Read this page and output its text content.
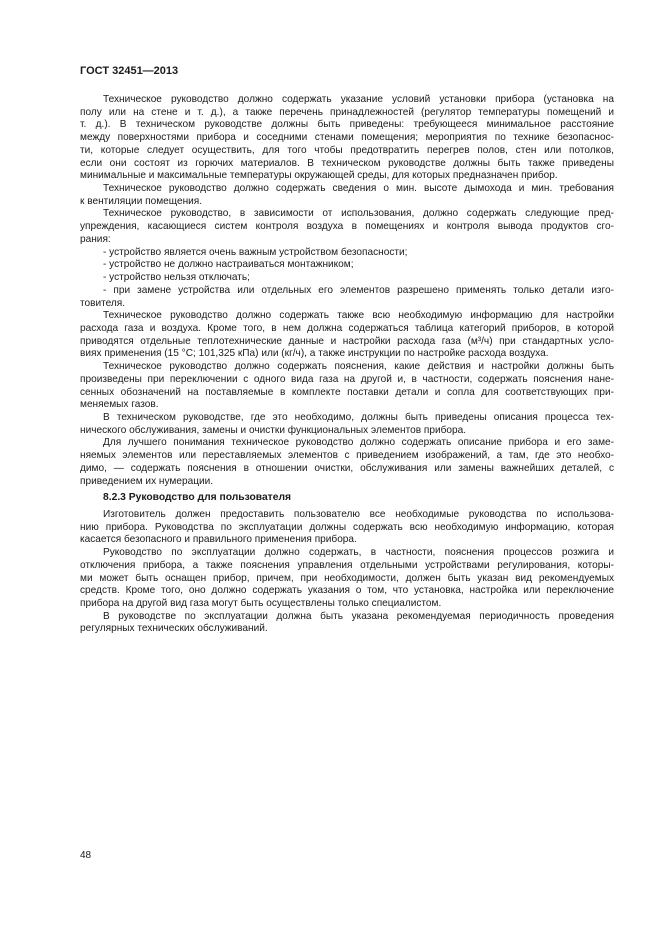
ГОСТ 32451—2013
Техническое руководство должно содержать указание условий установки прибора (установка на
полу или на стене и т. д.), а также перечень принадлежностей (регулятор температуры помещений и
т. д.). В техническом руководстве должны быть приведены: требующееся минимальное расстояние
между поверхностями прибора и соседними стенами помещения; мероприятия по технике безопаснос-
ти, которые следует осуществить, для того чтобы предотвратить перегрев полов, стен или потолков,
если они состоят из горючих материалов. В техническом руководстве должны быть также приведены
минимальные и максимальные температуры окружающей среды, для которых предназначен прибор.
Техническое руководство должно содержать сведения о мин. высоте дымохода и мин. требования
к вентиляции помещения.
Техническое руководство, в зависимости от использования, должно содержать следующие пред-
упреждения, касающиеся систем контроля воздуха в помещениях и контроля вывода продуктов сго-
рания:
- устройство является очень важным устройством безопасности;
- устройство не должно настраиваться монтажником;
- устройство нельзя отключать;
- при замене устройства или отдельных его элементов разрешено применять только детали изго-
товителя.
Техническое руководство должно содержать также всю необходимую информацию для настройки
расхода газа и воздуха. Кроме того, в нем должна содержаться таблица категорий приборов, в которой
приводятся отдельные теплотехнические данные и настройки расхода газа (м³/ч) при стандартных усло-
виях применения (15 °С; 101,325 кПа) или (кг/ч), а также инструкции по настройке расхода воздуха.
Техническое руководство должно содержать пояснения, какие действия и настройки должны быть
произведены при переключении с одного вида газа на другой и, в частности, содержать пояснения нане-
сенных обозначений на поставляемые в комплекте поставки детали и сопла для соответствующих при-
меняемых газов.
В техническом руководстве, где это необходимо, должны быть приведены описания процесса тех-
нического обслуживания, замены и очистки функциональных элементов прибора.
Для лучшего понимания техническое руководство должно содержать описание прибора и его заме-
няемых элементов или переставляемых элементов с приведением изображений, а там, где это необхо-
димо, — содержать пояснения в отношении очистки, обслуживания или замены важнейших деталей, с
приведением их нумерации.
8.2.3 Руководство для пользователя
Изготовитель должен предоставить пользователю все необходимые руководства по использова-
нию прибора. Руководства по эксплуатации должны содержать всю необходимую информацию, которая
касается безопасного и правильного применения прибора.
Руководство по эксплуатации должно содержать, в частности, пояснения процессов розжига и
отключения прибора, а также пояснения управления отдельными устройствами регулирования, которы-
ми может быть оснащен прибор, причем, при необходимости, должен быть указан вид рекомендуемых
средств. Кроме того, оно должно содержать указания о том, что установка, настройка или переключение
прибора на другой вид газа могут быть осуществлены только специалистом.
В руководстве по эксплуатации должна быть указана рекомендуемая периодичность проведения
регулярных технических обслуживаний.
48
